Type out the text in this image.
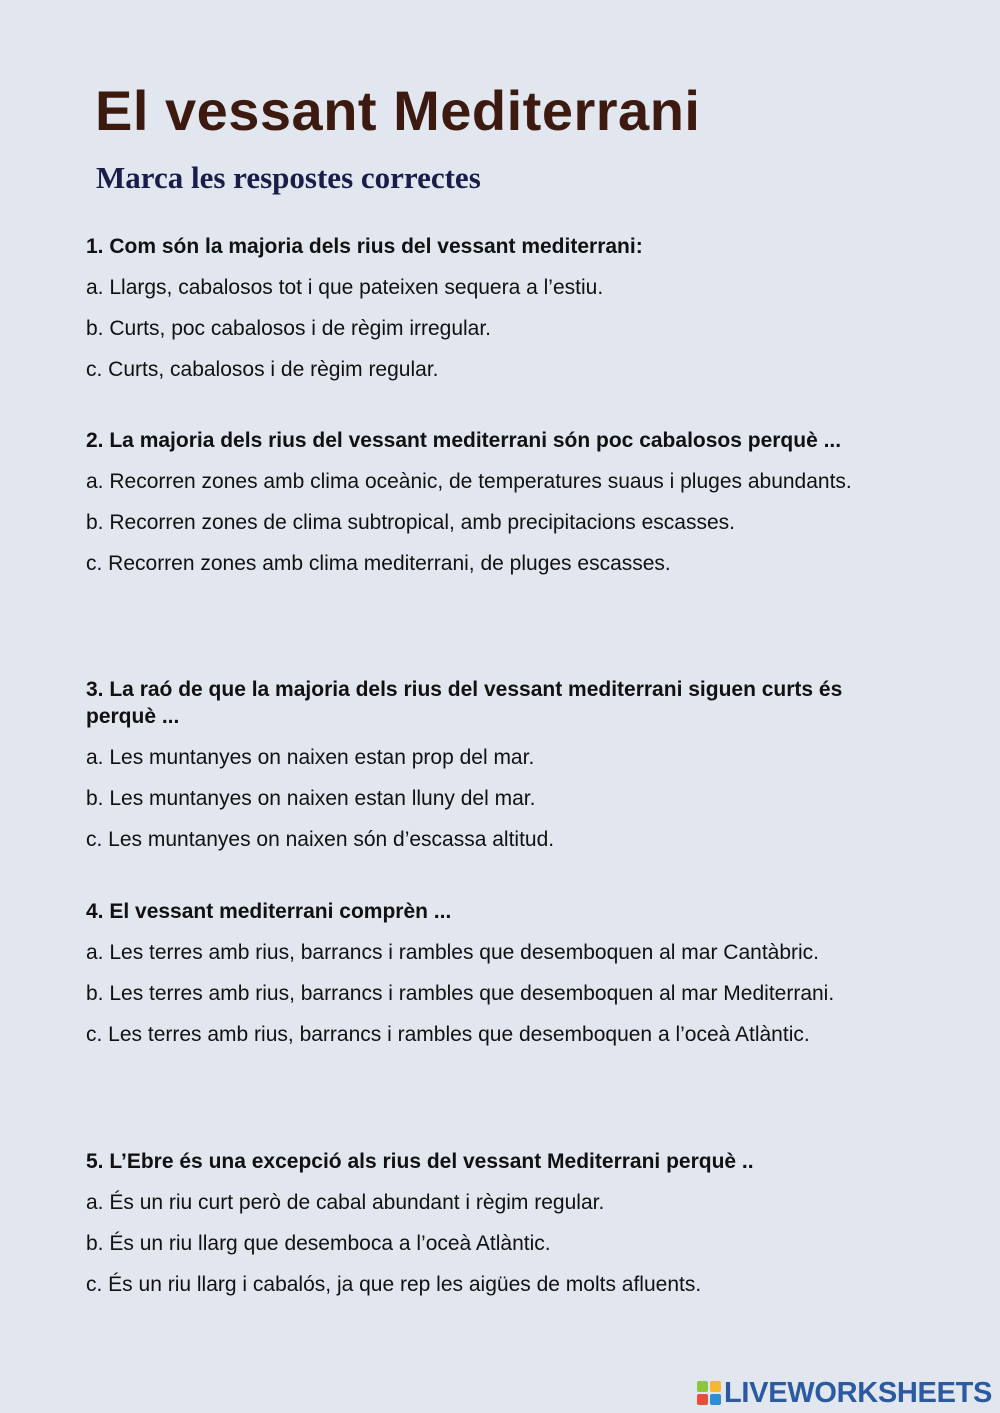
El vessant Mediterrani
Marca les respostes correctes

1. Com són la majoria dels rius del vessant mediterrani:

a. Llargs, cabalosos tot i que pateixen sequera a l’estiu.

b. Curts, poc cabalosos i de règim irregular.

c. Curts, cabalosos i de règim regular.

2. La majoria dels rius del vessant mediterrani són poc cabalosos perquè ...

a. Recorren zones amb clima oceànic, de temperatures suaus i pluges abundants.

b. Recorren zones de clima subtropical, amb precipitacions escasses.

c. Recorren zones amb clima mediterrani, de pluges escasses.

3. La raó de que la majoria dels rius del vessant mediterrani siguen curts és perquè ...

a. Les muntanyes on naixen estan prop del mar.

b. Les muntanyes on naixen estan lluny del mar.

c. Les muntanyes on naixen són d’escassa altitud.

4. El vessant mediterrani comprèn ...

a. Les terres amb rius, barrancs i rambles que desemboquen al mar Cantàbric.

b. Les terres amb rius, barrancs i rambles que desemboquen al mar Mediterrani.

c. Les terres amb rius, barrancs i rambles que desemboquen a l’oceà Atlàntic.

5. L’Ebre és una excepció als rius del vessant Mediterrani perquè ..

a. És un riu curt però de cabal abundant i règim regular.

b. És un riu llarg que desemboca a l’oceà Atlàntic.

c. És un riu llarg i cabalós, ja que rep les aigües de molts afluents.

LIVEWORKSHEETS
